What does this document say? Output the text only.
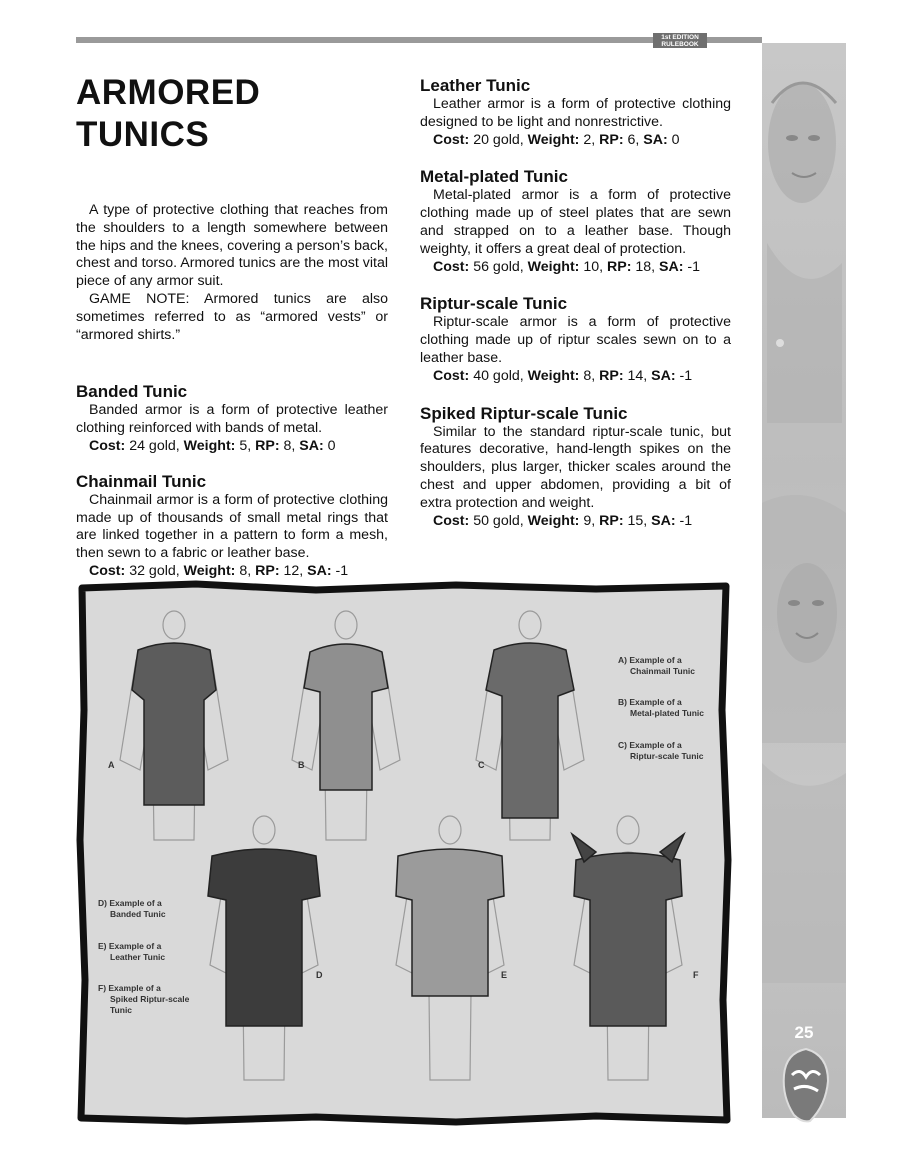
1st EDITION
RULEBOOK
25
ARMORED
TUNICS

A type of protective clothing that reaches from the shoulders to a length somewhere between the hips and the knees, covering a person’s back, chest and torso. Armored tunics are the most vital piece of any armor suit.

GAME NOTE: Armored tunics are also sometimes referred to as “armored vests” or “armored shirts.”

Banded Tunic

Banded armor is a form of protective leather clothing reinforced with bands of metal.

Cost: 24 gold, Weight: 5, RP: 8, SA: 0

Chainmail Tunic

Chainmail armor is a form of protective clothing made up of thousands of small metal rings that are linked together in a pattern to form a mesh, then sewn to a fabric or leather base.

Cost: 32 gold, Weight: 8, RP: 12, SA: -1

Leather Tunic

Leather armor is a form of protective clothing designed to be light and nonrestrictive.

Cost: 20 gold, Weight: 2, RP: 6, SA: 0

Metal-plated Tunic

Metal-plated armor is a form of protective clothing made up of steel plates that are sewn and strapped on to a leather base. Though weighty, it offers a great deal of protection.

Cost: 56 gold, Weight: 10, RP: 18, SA: -1

Riptur-scale Tunic

Riptur-scale armor is a form of protective clothing made up of riptur scales sewn on to a leather base.

Cost: 40 gold, Weight: 8, RP: 14, SA: -1

Spiked Riptur-scale Tunic

Similar to the standard riptur-scale tunic, but features decorative, hand-length spikes on the shoulders, plus larger, thicker scales around the chest and upper abdomen, providing a bit of extra protection and weight.

Cost: 50 gold, Weight: 9, RP: 15, SA: -1

A	B	C
D	E	F
A) Example of a
Chainmail Tunic
B) Example of a
Metal-plated Tunic
C) Example of a
Riptur-scale Tunic
D) Example of a
Banded Tunic
E) Example of a
Leather Tunic
F) Example of a
Spiked Riptur-scale
Tunic
